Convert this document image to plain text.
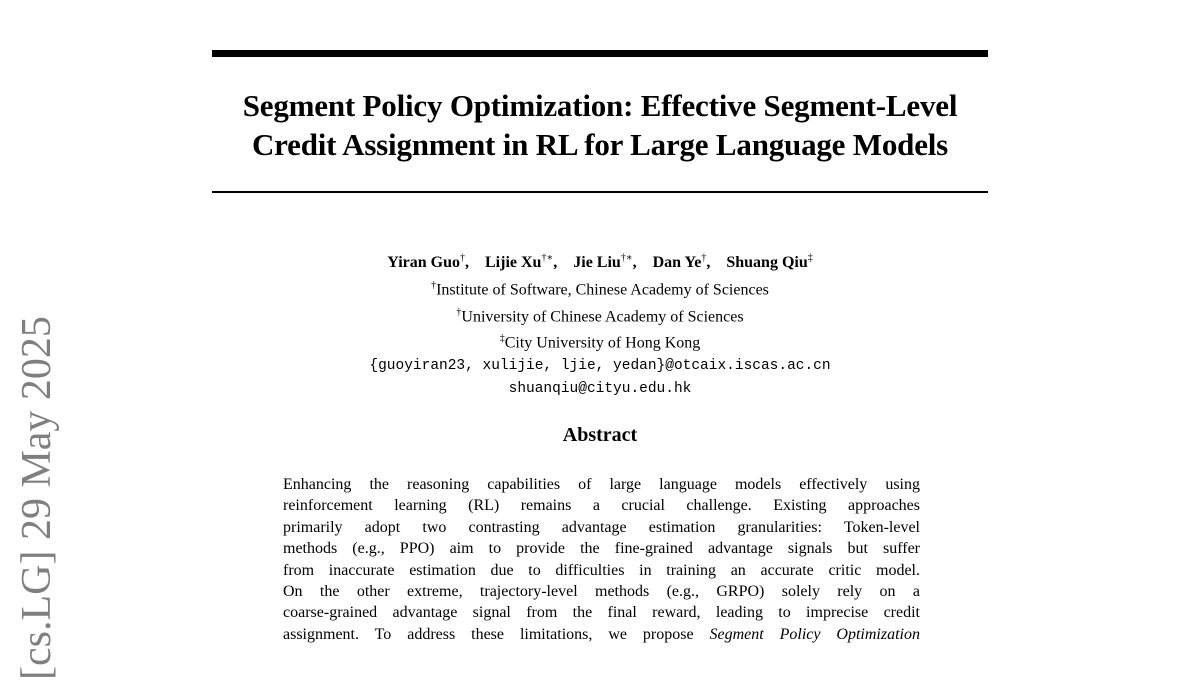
[cs.LG] 29 May 2025
Segment Policy Optimization: Effective Segment-Level
Credit Assignment in RL for Large Language Models
Yiran Guo†, Lijie Xu†∗, Jie Liu†∗, Dan Ye†, Shuang Qiu‡
†Institute of Software, Chinese Academy of Sciences
†University of Chinese Academy of Sciences
‡City University of Hong Kong
{guoyiran23, xulijie, ljie, yedan}@otcaix.iscas.ac.cn
shuanqiu@cityu.edu.hk
Abstract
Enhancing the reasoning capabilities of large language models effectively using
reinforcement learning (RL) remains a crucial challenge. Existing approaches
primarily adopt two contrasting advantage estimation granularities: Token-level
methods (e.g., PPO) aim to provide the fine-grained advantage signals but suffer
from inaccurate estimation due to difficulties in training an accurate critic model.
On the other extreme, trajectory-level methods (e.g., GRPO) solely rely on a
coarse-grained advantage signal from the final reward, leading to imprecise credit
assignment. To address these limitations, we propose Segment Policy Optimization
